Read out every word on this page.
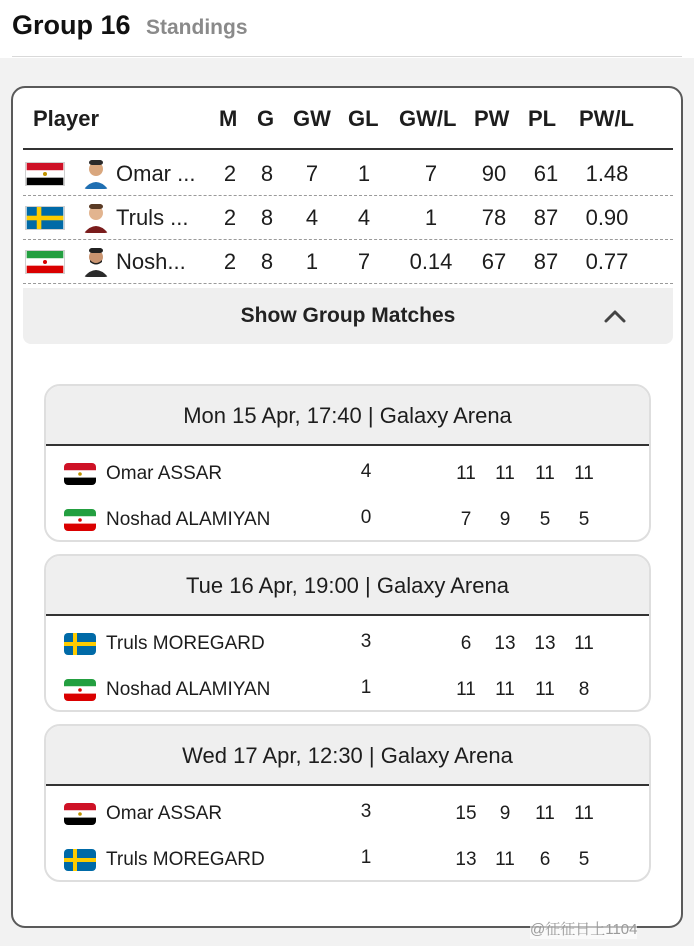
Group 16 Standings
Player	M G GW GL GW/L PW PL PW/L
Omar ... 2 8 7 1	7	90 61 1.48
Truls ... 2 8 4 4	1	78 87 0.90
Nosh... 2 8 1 7 0.14 67 87 0.77
Show Group Matches
Mon 15 Apr, 17:40 | Galaxy Arena
Omar ASSAR	4	11	11	11	11
Noshad ALAMIYAN	0	7	9	5	5
Tue 16 Apr, 19:00 | Galaxy Arena
Truls MOREGARD	3	6	13 13 11
Noshad ALAMIYAN	1	11	11	11	8
Wed 17 Apr, 12:30 | Galaxy Arena
Omar ASSAR	3	15	9	11	11
Truls MOREGARD	1	13 11	6	5
@征征日上1104
